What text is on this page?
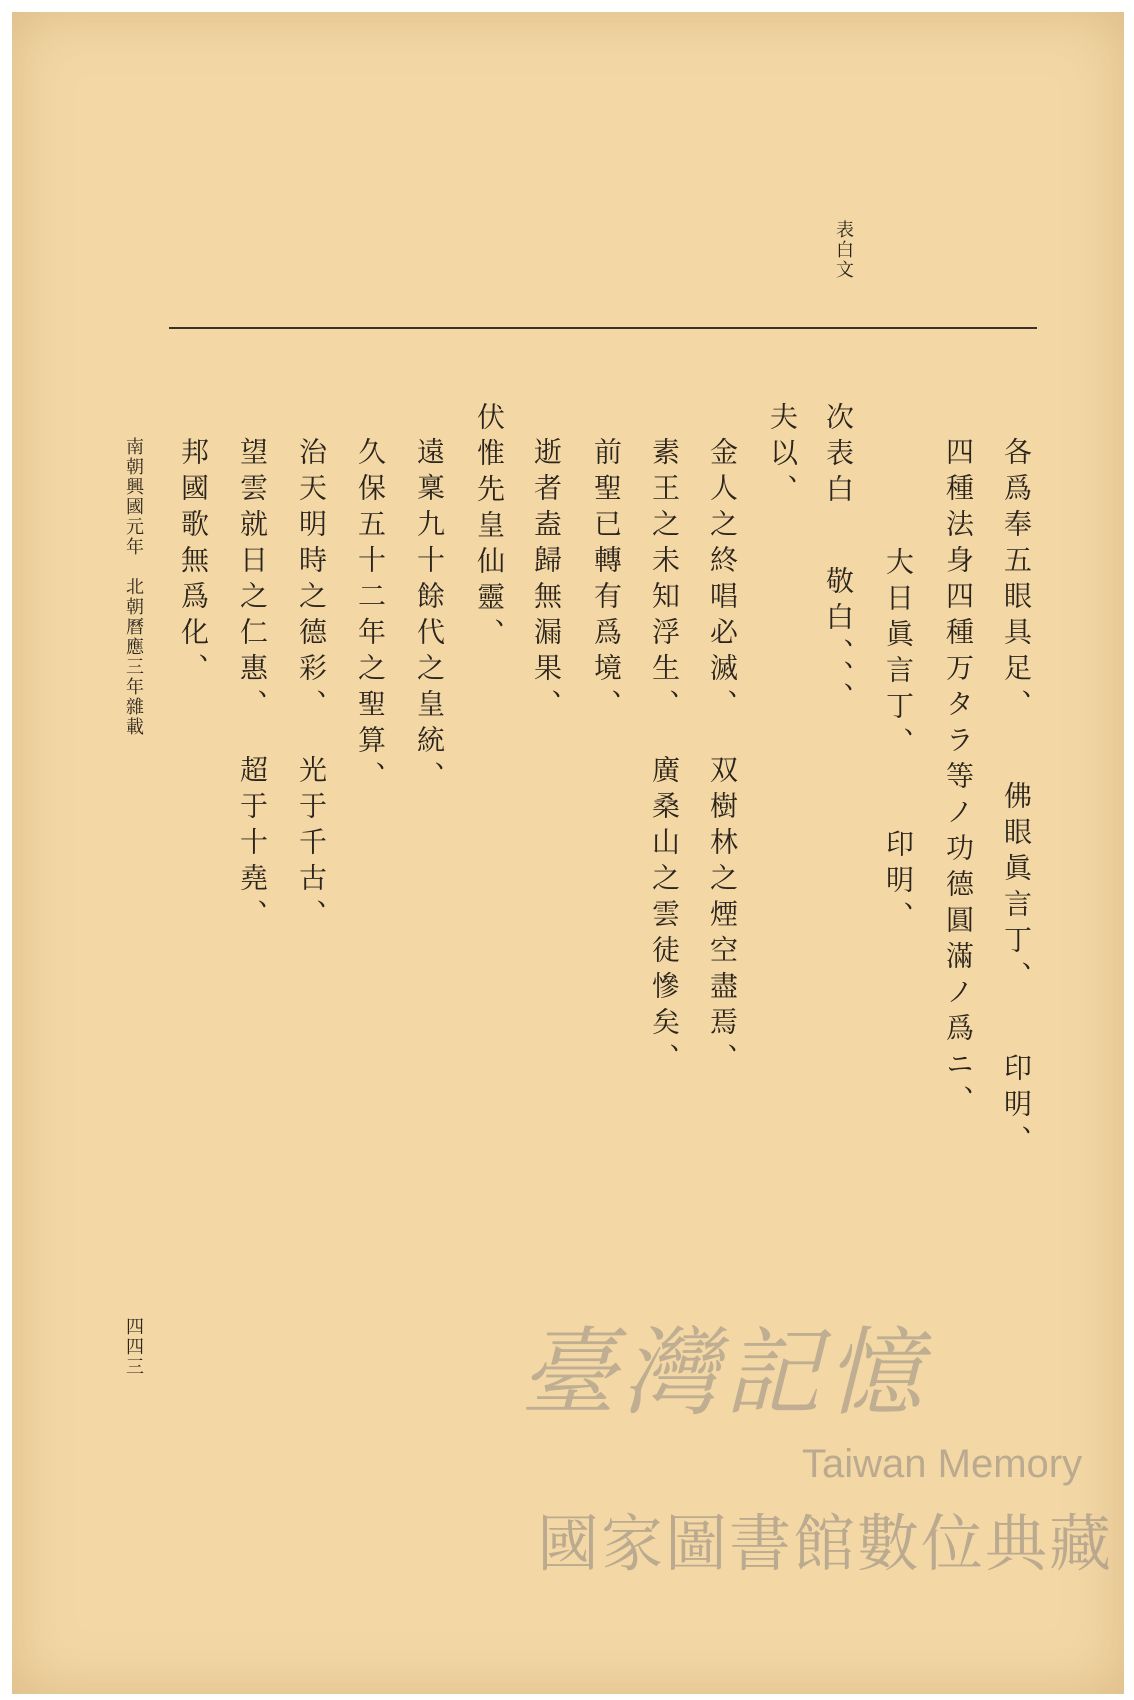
表白文
各爲奉五眼具足、佛眼眞言丁、印明、
四種法身四種万タラ等ノ功德圓滿ノ爲ニ、
大日眞言丁、印明、
次表白敬白、、、
夫以、
金人之終唱必滅、双樹林之煙空盡焉、
素王之未知浮生、廣桑山之雲徒慘矣、
前聖已轉有爲境、
逝者盍歸無漏果、
伏惟先皇仙靈、
遠稟九十餘代之皇統、
久保五十二年之聖算、
治天明時之德彩、光于千古、
望雲就日之仁惠、超于十堯、
邦國歌無爲化、
南朝興國元年　北朝曆應三年雜載
四四三	臺灣記憶
Taiwan Memory
國家圖書館數位典藏
